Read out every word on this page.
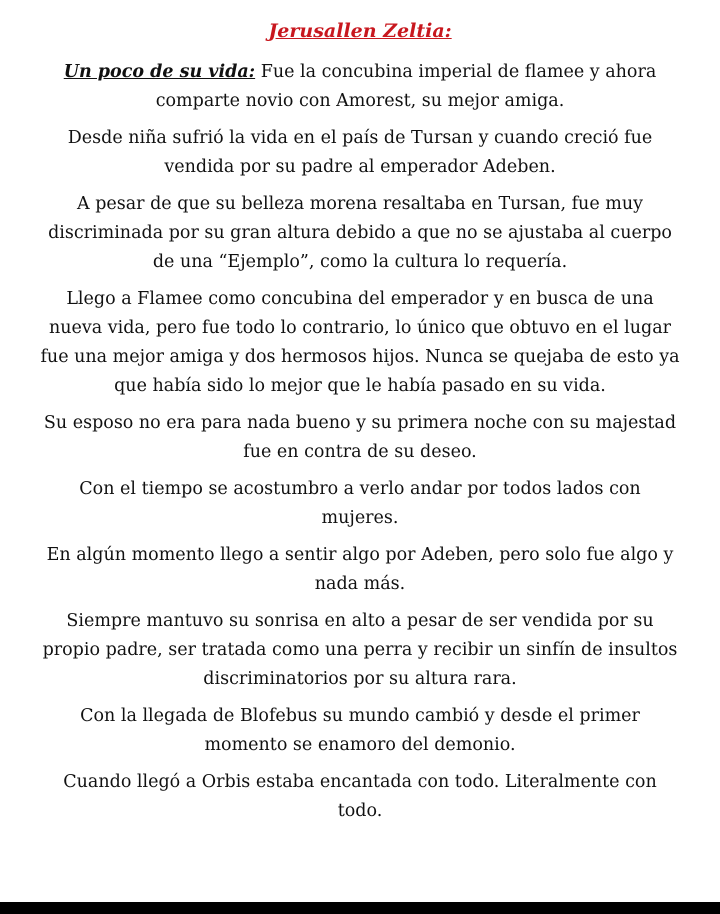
Jerusallen Zeltia:

Un poco de su vida: Fue la concubina imperial de flamee y ahora comparte novio con Amorest, su mejor amiga.

Desde niña sufrió la vida en el país de Tursan y cuando creció fue vendida por su padre al emperador Adeben.

A pesar de que su belleza morena resaltaba en Tursan, fue muy discriminada por su gran altura debido a que no se ajustaba al cuerpo de una “Ejemplo”, como la cultura lo requería.

Llego a Flamee como concubina del emperador y en busca de una nueva vida, pero fue todo lo contrario, lo único que obtuvo en el lugar fue una mejor amiga y dos hermosos hijos. Nunca se quejaba de esto ya que había sido lo mejor que le había pasado en su vida.

Su esposo no era para nada bueno y su primera noche con su majestad fue en contra de su deseo.

Con el tiempo se acostumbro a verlo andar por todos lados con mujeres.

En algún momento llego a sentir algo por Adeben, pero solo fue algo y nada más.

Siempre mantuvo su sonrisa en alto a pesar de ser vendida por su propio padre, ser tratada como una perra y recibir un sinfín de insultos discriminatorios por su altura rara.

Con la llegada de Blofebus su mundo cambió y desde el primer momento se enamoro del demonio.

Cuando llegó a Orbis estaba encantada con todo. Literalmente con todo.
